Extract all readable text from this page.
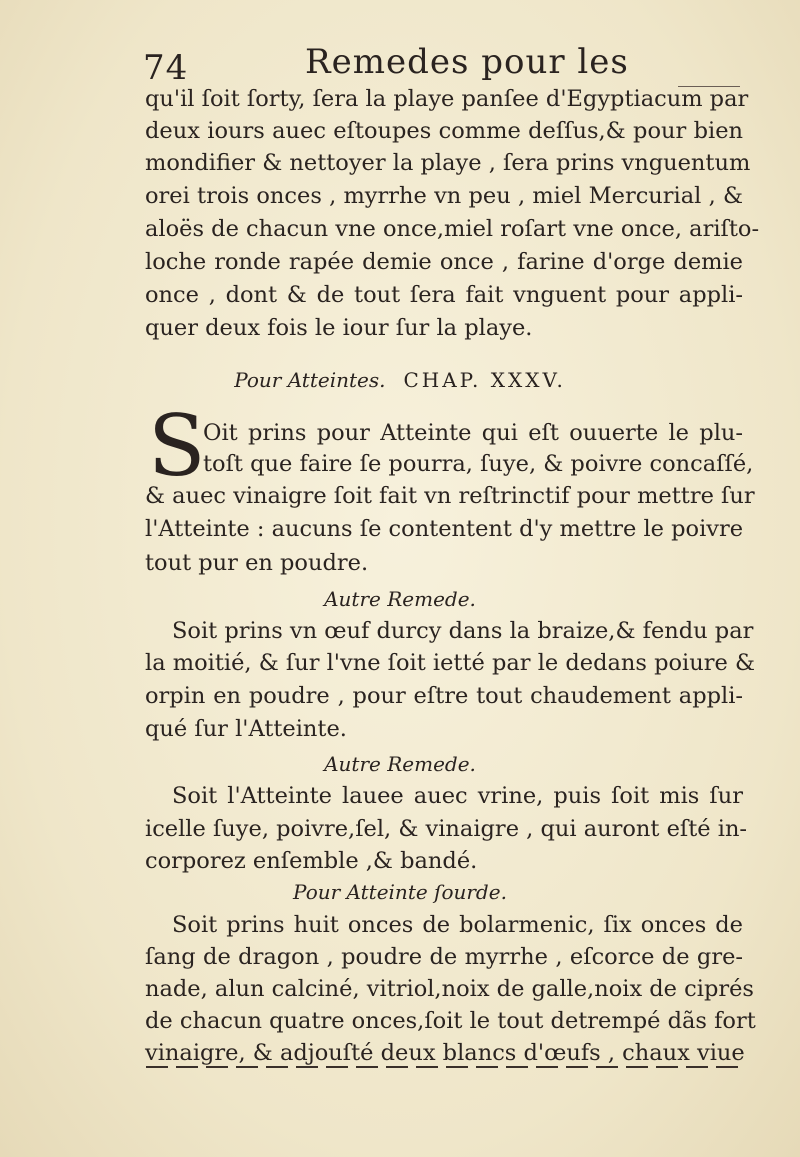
74	Remedes pour les
qu'il ſoit ſorty, ſera la playe panſee d'Egyptiacum par
deux iours auec eſtoupes comme deſſus,& pour bien
mondifier & nettoyer la playe , ſera prins vnguentum
orei trois onces , myrrhe vn peu , miel Mercurial , &
aloës de chacun vne once,miel roſart vne once, ariſto-
loche ronde rapée demie once , farine d'orge demie
once , dont & de tout ſera fait vnguent pour appli-
quer deux fois le iour ſur la playe.
Pour Atteintes. CHAP. XXXV.
S
Oit prins pour Atteinte qui eſt ouuerte le plu-
toſt que faire ſe pourra, ſuye, & poivre concaſſé,
& auec vinaigre ſoit fait vn reſtrinctif pour mettre ſur
l'Atteinte : aucuns ſe contentent d'y mettre le poivre
tout pur en poudre.
Autre Remede.
Soit prins vn œuf durcy dans la braize,& fendu par
la moitié, & ſur l'vne ſoit ietté par le dedans poiure &
orpin en poudre , pour eſtre tout chaudement appli-
qué ſur l'Atteinte.
Autre Remede.
Soit l'Atteinte lauee auec vrine, puis ſoit mis ſur
icelle ſuye, poivre,ſel, & vinaigre , qui auront eſté in-
corporez enſemble ,& bandé.
Pour Atteinte ſourde.
Soit prins huit onces de bolarmenic, ſix onces de
ſang de dragon , poudre de myrrhe , eſcorce de gre-
nade, alun calciné, vitriol,noix de galle,noix de ciprés
de chacun quatre onces,ſoit le tout detrempé dãs fort
vinaigre, & adjouſté deux blancs d'œufs , chaux viue
